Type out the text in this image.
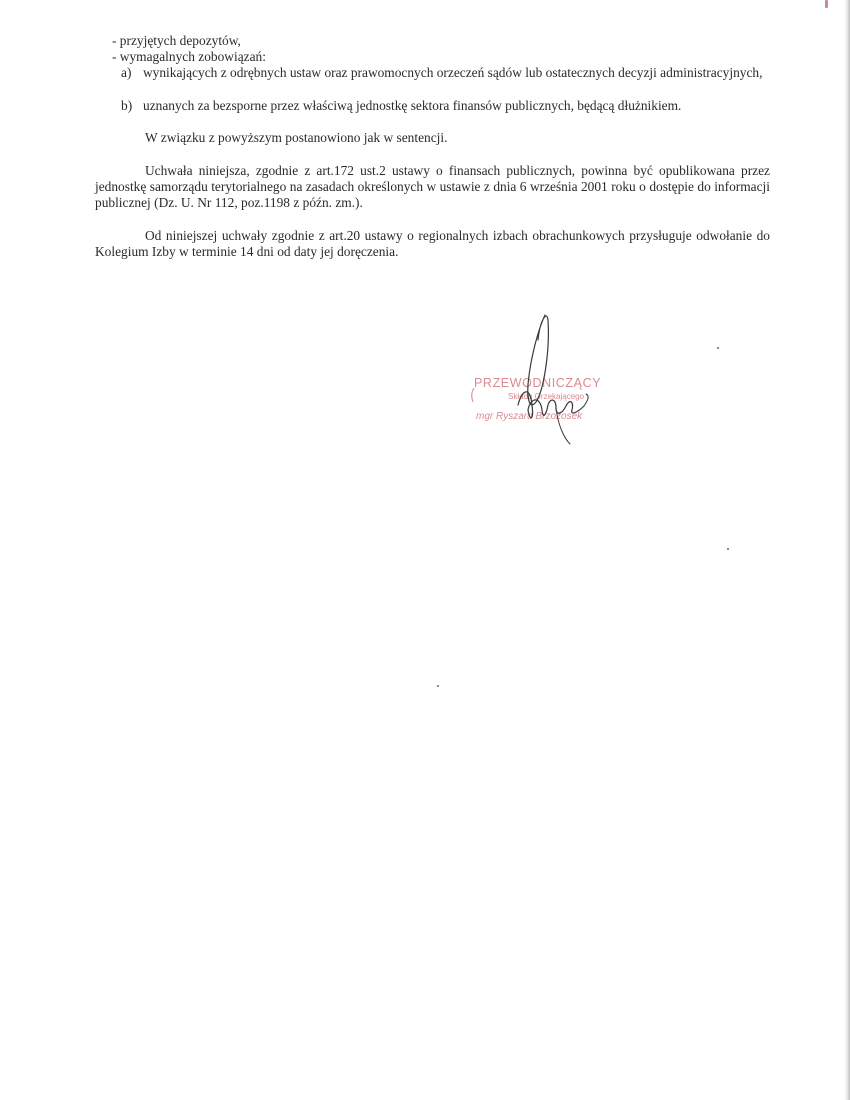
- przyjętych depozytów,
- wymagalnych zobowiązań:
a) wynikających z odrębnych ustaw oraz prawomocnych orzeczeń sądów lub ostatecznych decyzji administracyjnych,
b) uznanych za bezsporne przez właściwą jednostkę sektora finansów publicznych, będącą dłużnikiem.
W związku z powyższym postanowiono jak w sentencji.
Uchwała niniejsza, zgodnie z art.172 ust.2 ustawy o finansach publicznych, powinna być opublikowana przez jednostkę samorządu terytorialnego na zasadach określonych w ustawie z dnia 6 września 2001 roku o dostępie do informacji publicznej (Dz. U. Nr 112, poz.1198 z późn. zm.).
Od niniejszej uchwały zgodnie z art.20 ustawy o regionalnych izbach obrachunkowych przysługuje odwołanie do Kolegium Izby w terminie 14 dni od daty jej doręczenia.
PRZEWODNICZĄCY
Składu Orzekającego
mgr Ryszard Brzozosek
